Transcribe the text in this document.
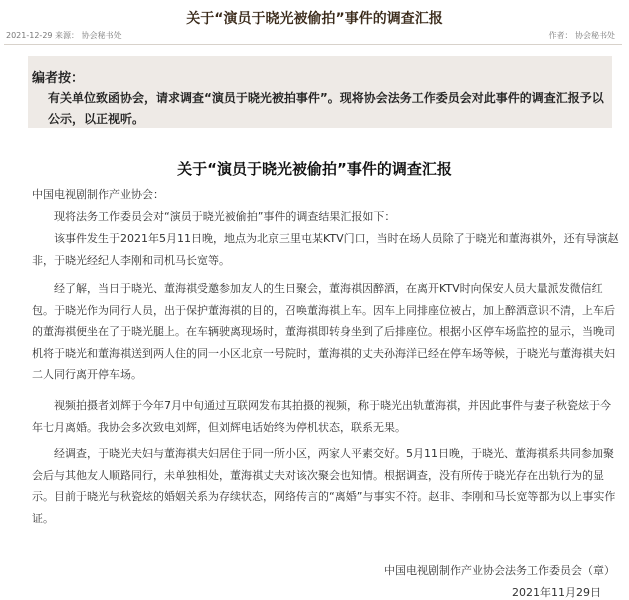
关于“演员于晓光被偷拍”事件的调查汇报
2021-12-29 来源： 协会秘书处	作者： 协会秘书处
编者按：
有关单位致函协会，请求调查“演员于晓光被拍事件”。现将协会法务工作委员会对此事件的调查汇报予以公示，以正视听。
关于“演员于晓光被偷拍”事件的调查汇报
中国电视剧制作产业协会：

现将法务工作委员会对“演员于晓光被偷拍”事件的调查结果汇报如下：

该事件发生于2021年5月11日晚，地点为北京三里屯某KTV门口，当时在场人员除了于晓光和董海祺外，还有导演赵非，于晓光经纪人李刚和司机马长宽等。

经了解，当日于晓光、董海祺受邀参加友人的生日聚会，董海祺因醉酒，在离开KTV时向保安人员大量派发微信红包。于晓光作为同行人员，出于保护董海祺的目的，召唤董海祺上车。因车上同排座位被占，加上醉酒意识不清，上车后的董海祺便坐在了于晓光腿上。在车辆驶离现场时，董海祺即转身坐到了后排座位。根据小区停车场监控的显示，当晚司机将于晓光和董海祺送到两人住的同一小区北京一号院时，董海祺的丈夫孙海洋已经在停车场等候，于晓光与董海祺夫妇二人同行离开停车场。

视频拍摄者刘辉于今年7月中旬通过互联网发布其拍摄的视频，称于晓光出轨董海祺，并因此事件与妻子秋瓷炫于今年七月离婚。我协会多次致电刘辉，但刘辉电话始终为停机状态，联系无果。

经调查，于晓光夫妇与董海祺夫妇居住于同一所小区，两家人平素交好。5月11日晚，于晓光、董海祺系共同参加聚会后与其他友人顺路同行，未单独相处，董海祺丈夫对该次聚会也知情。根据调查，没有所传于晓光存在出轨行为的显示。目前于晓光与秋瓷炫的婚姻关系为存续状态，网络传言的“离婚”与事实不符。赵非、李刚和马长宽等都为以上事实作证。

中国电视剧制作产业协会法务工作委员会（章）
2021年11月29日
